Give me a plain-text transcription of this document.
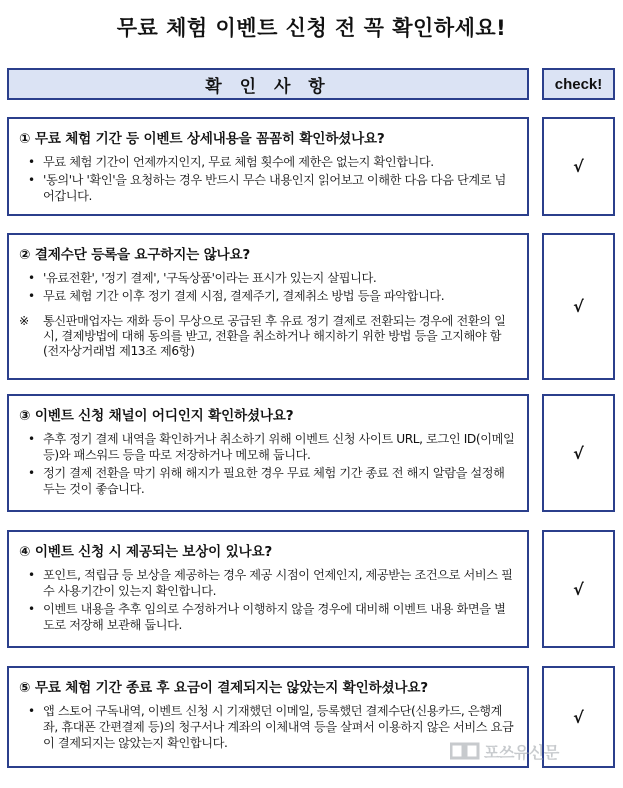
무료 체험 이벤트 신청 전 꼭 확인하세요!
확 인 사 항	check!
① 무료 체험 기간 등 이벤트 상세내용을 꼼꼼히 확인하셨나요?
• 무료 체험 기간이 언제까지인지, 무료 체험 횟수에 제한은 없는지 확인합니다.
• '동의'나 '확인'을 요청하는 경우 반드시 무슨 내용인지 읽어보고 이해한 다음 다음 단계로 넘어갑니다.
√
② 결제수단 등록을 요구하지는 않나요?
• '유료전환', '정기 결제', '구독상품'이라는 표시가 있는지 살핍니다.
• 무료 체험 기간 이후 정기 결제 시점, 결제주기, 결제취소 방법 등을 파악합니다.
※ 통신판매업자는 재화 등이 무상으로 공급된 후 유료 정기 결제로 전환되는 경우에 전환의 일시, 결제방법에 대해 동의를 받고, 전환을 취소하거나 해지하기 위한 방법 등을 고지해야 함(전자상거래법 제13조 제6항)
√
③ 이벤트 신청 채널이 어디인지 확인하셨나요?
• 추후 정기 결제 내역을 확인하거나 취소하기 위해 이벤트 신청 사이트 URL, 로그인 ID(이메일 등)와 패스워드 등을 따로 저장하거나 메모해 둡니다.
• 정기 결제 전환을 막기 위해 해지가 필요한 경우 무료 체험 기간 종료 전 해지 알람을 설정해 두는 것이 좋습니다.
√
④ 이벤트 신청 시 제공되는 보상이 있나요?
• 포인트, 적립금 등 보상을 제공하는 경우 제공 시점이 언제인지, 제공받는 조건으로 서비스 필수 사용기간이 있는지 확인합니다.
• 이벤트 내용을 추후 임의로 수정하거나 이행하지 않을 경우에 대비해 이벤트 내용 화면을 별도로 저장해 보관해 둡니다.
√
⑤ 무료 체험 기간 종료 후 요금이 결제되지는 않았는지 확인하셨나요?
• 앱 스토어 구독내역, 이벤트 신청 시 기재했던 이메일, 등록했던 결제수단(신용카드, 은행계좌, 휴대폰 간편결제 등)의 청구서나 계좌의 이체내역 등을 살펴서 이용하지 않은 서비스 요금이 결제되지는 않았는지 확인합니다.
√
포쓰유신문
